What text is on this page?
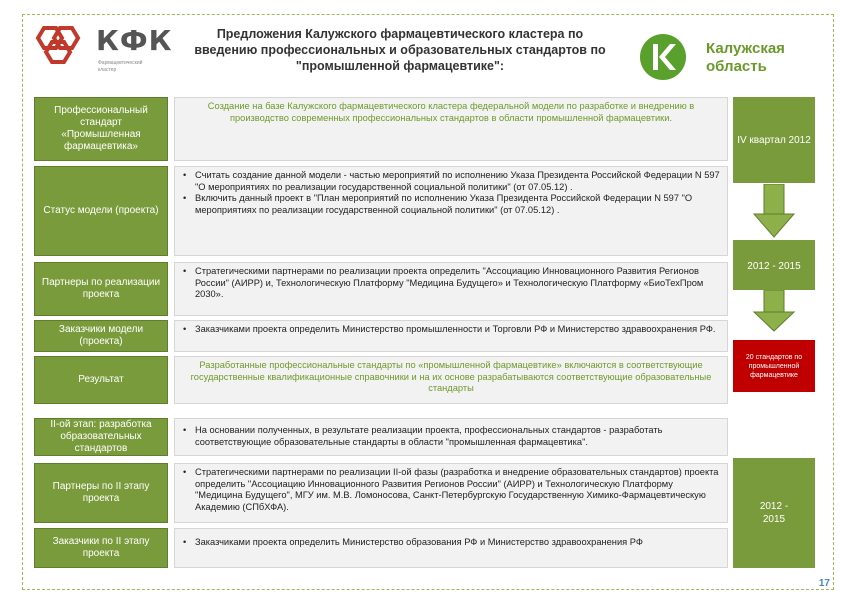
КФК
Фармацевтический кластер
Предложения Калужского фармацевтического кластера по
введению профессиональных и образовательных стандартов по
"промышленной фармацевтике":
Калужская
область
Профессиональный стандарт «Промышленная фармацевтика»
Создание на базе Калужского фармацевтического кластера федеральной модели по разработке и внедрению в производство современных профессиональных стандартов в области промышленной фармацевтики.
Статус модели (проекта)
• Считать создание данной модели - частью мероприятий по исполнению Указа Президента Российской Федерации N 597 "О мероприятиях по реализации государственной социальной политики" (от 07.05.12) .
• Включить данный проект в "План мероприятий по исполнению Указа Президента Российской Федерации N 597 "О мероприятиях по реализации государственной социальной политики" (от 07.05.12) .
Партнеры по реализации проекта
• Стратегическими партнерами по реализации проекта определить "Ассоциацию Инновационного Развития Регионов России" (АИРР) и, Технологическую Платформу "Медицина Будущего» и Технологическую Платформу «БиоТехПром 2030».
Заказчики модели (проекта)
• Заказчиками проекта определить Министерство промышленности и Торговли РФ и Министерство здравоохранения РФ.
Результат
Разработанные профессиональные стандарты по «промышленной фармацевтике» включаются в соответствующие государственные квалификационные справочники и на их основе разрабатываются соответствующие образовательные стандарты
II-ой этап: разработка образовательных стандартов
• На основании полученных, в результате реализации проекта, профессиональных стандартов - разработать соответствующие образовательные стандарты в области "промышленная фармацевтика".
Партнеры по II этапу проекта
• Стратегическими партнерами по реализации II-ой фазы (разработка и внедрение образовательных стандартов) проекта определить "Ассоциацию Инновационного Развития Регионов России" (АИРР) и Технологическую Платформу "Медицина Будущего", МГУ им. М.В. Ломоносова, Санкт-Петербургскую Государственную Химико-Фармацевтическую Академию (СПбХФА).
Заказчики по II этапу проекта
• Заказчиками проекта определить Министерство образования РФ и Министерство здравоохранения РФ
IV квартал 2012
2012 - 2015
20 стандартов по промышленной фармацевтике
2012 - 2015
17
